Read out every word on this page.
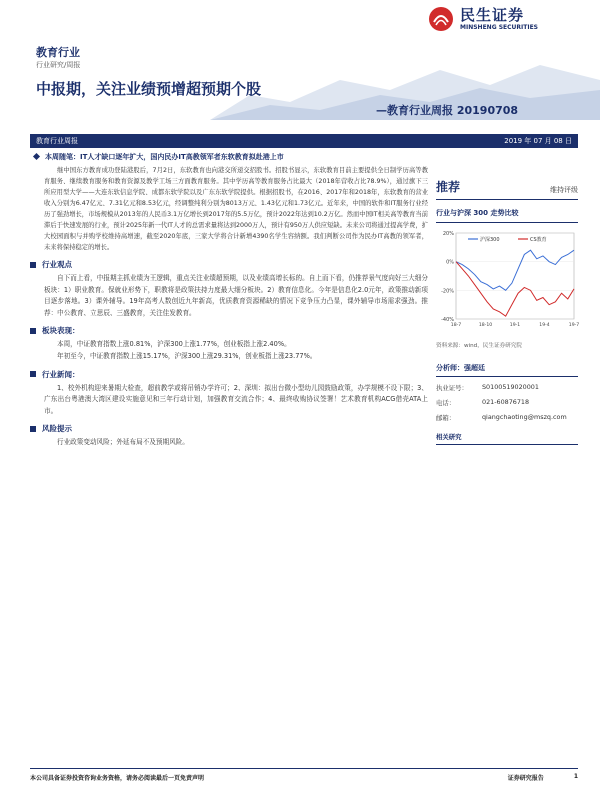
民生证券
MINSHENG SECURITIES
教育行业
行业研究/周报
中报期，关注业绩预增超预期个股
—教育行业周报 20190708
教育行业周报	2019 年 07 月 08 日
本周随笔：IT人才缺口逐年扩大，国内民办IT高教领军者东软教育拟赴港上市

继中国东方教育成功登陆港股后，7月2日，东软教育也向港交所递交招股书。招股书显示，东软教育目前主要提供全日制学历高等教育服务、继续教育服务和教育资源及教学工场三方面教育服务。其中学历高等教育服务占比最大（2018年营收占比78.9%），通过旗下三所应用型大学——大连东软信息学院、成都东软学院以及广东东软学院提供。根据招股书，在2016、2017年和2018年，东软教育的营业收入分别为6.47亿元、7.31亿元和8.53亿元，经调整纯利分别为8013万元、1.43亿元和1.73亿元。近年来，中国的软件和IT服务行业经历了强劲增长，市场规模从2013年的人民币3.1万亿增长到2017年的5.5万亿，预计2022年达到10.2万亿。然而中国IT相关高等教育当前滞后于快速发展的行业，预计2025年新一代IT人才的总需求量将达到2000万人，预计有950万人供应短缺。未来公司将通过提高学费，扩大校园面积与并购学校维持高增速，截至2020年底，三家大学将合计新增4390名学生容纳额。我们判断公司作为民办IT高教的领军者，未来将保持稳定的增长。

行业观点

自下而上看，中报期主抓业绩为王逻辑，重点关注业绩超预期，以及业绩高增长标的。自上而下看，仍推荐景气度向好三大细分板块：1）职业教育。保就业形势下，职教将是政策扶持力度最大细分板块。2）教育信息化。今年是信息化2.0元年，政策推动新项目逐步落地。3）课外辅导。19年高考人数创近九年新高，优质教育资源稀缺的情况下竞争压力凸显，课外辅导市场需求强劲。推荐：中公教育、立思辰、三盛教育，关注佳发教育。

板块表现：

本周，中证教育指数上涨0.81%，沪深300上涨1.77%，创业板指上涨2.40%。

年初至今，中证教育指数上涨15.17%，沪深300上涨29.31%，创业板指上涨23.77%。

行业新闻：

1、校外机构迎来暑期大检查，超前教学或将吊销办学许可；2、深圳：拟出台微小型幼儿园鼓励政策，办学规模不设下限；3、广东出台粤港澳大湾区建设实施意见和三年行动计划，加强教育交流合作；4、最终收购协议签署！艺术教育机构ACG借壳ATA上市。

风险提示

行业政策变动风险；外延布局不及预期风险。

推荐	维持评级
行业与沪深 300 走势比较
20%
0%
-20%
-40%
18-7	18-10	19-1	19-4	19-7
沪深300	CS教育
资料来源：wind，民生证券研究院
分析师：强超廷
执业证号：	S0100519020001
电话：	021-60876718
邮箱：	qiangchaoting@mszq.com
相关研究
本公司具备证券投资咨询业务资格，请务必阅读最后一页免责声明	证券研究报告	1
